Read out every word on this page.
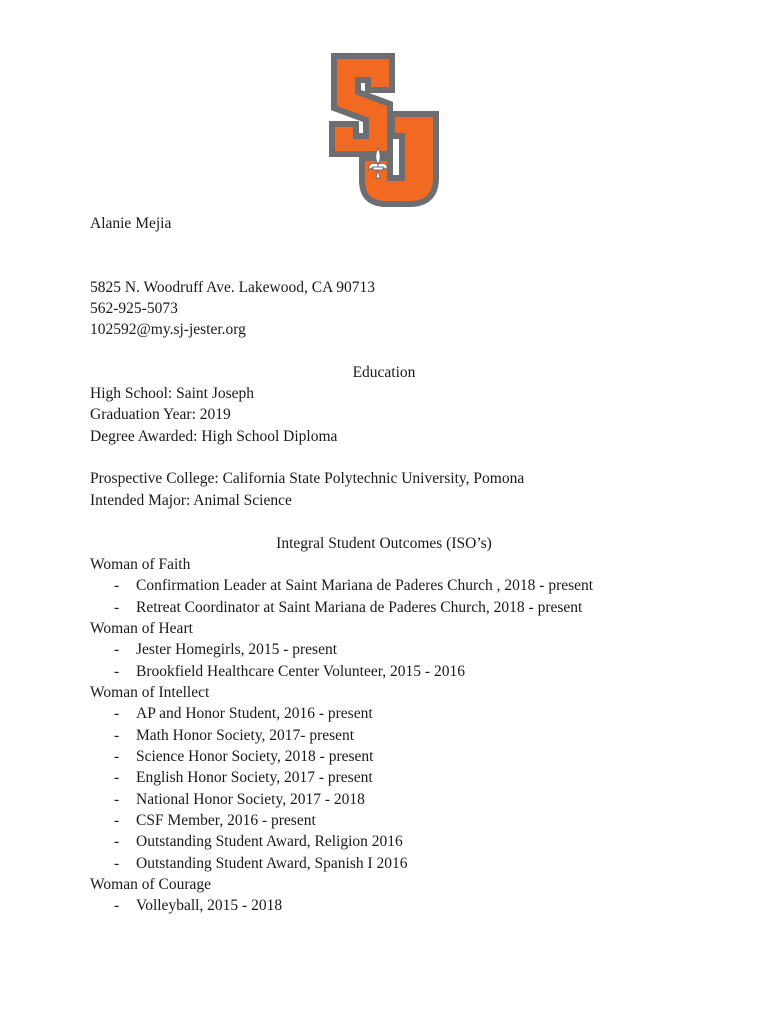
Alanie Mejia
5825 N. Woodruff Ave. Lakewood, CA 90713
562-925-5073
102592@my.sj-jester.org
Education
High School: Saint Joseph
Graduation Year: 2019
Degree Awarded: High School Diploma
Prospective College: California State Polytechnic University, Pomona
Intended Major: Animal Science
Integral Student Outcomes (ISO’s)
Woman of Faith
- Confirmation Leader at Saint Mariana de Paderes Church , 2018 - present
- Retreat Coordinator at Saint Mariana de Paderes Church, 2018 - present
Woman of Heart
- Jester Homegirls, 2015 - present
- Brookfield Healthcare Center Volunteer, 2015 - 2016
Woman of Intellect
- AP and Honor Student, 2016 - present
- Math Honor Society, 2017- present
- Science Honor Society, 2018 - present
- English Honor Society, 2017 - present
- National Honor Society, 2017 - 2018
- CSF Member, 2016 - present
- Outstanding Student Award, Religion 2016
- Outstanding Student Award, Spanish I 2016
Woman of Courage
- Volleyball, 2015 - 2018
